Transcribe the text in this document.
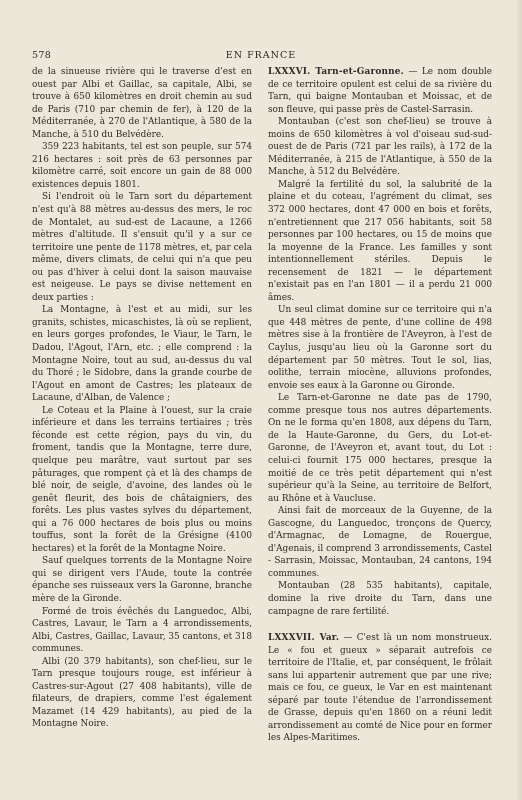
578	EN FRANCE

de la sinueuse rivière qui le traverse d'est en ouest par Albi et Gaillac, sa capitale, Albi, se trouve à 650 kilomètres en droit chemin au sud de Paris (710 par chemin de fer), à 120 de la Méditerranée, à 270 de l'Atlantique, à 580 de la Manche, à 510 du Belvédère.

359 223 habitants, tel est son peuple, sur 574 216 hectares : soit près de 63 personnes par kilomètre carré, soit encore un gain de 88 000 existences depuis 1801.

Si l'endroit où le Tarn sort du département n'est qu'à 88 mètres au-dessus des mers, le roc de Montalet, au sud-est de Lacaune, a 1266 mètres d'altitude. Il s'ensuit qu'il y a sur ce territoire une pente de 1178 mètres, et, par cela même, divers climats, de celui qui n'a que peu ou pas d'hiver à celui dont la saison mauvaise est neigeuse. Le pays se divise nettement en deux parties :

La Montagne, à l'est et au midi, sur les granits, schistes, micaschistes, là où se replient, en leurs gorges profondes, le Viaur, le Tarn, le Dadou, l'Agout, l'Arn, etc. ; elle comprend : la Montagne Noire, tout au sud, au-dessus du val du Thoré ; le Sidobre, dans la grande courbe de l'Agout en amont de Castres; les plateaux de Lacaune, d'Alban, de Valence ;

Le Coteau et la Plaine à l'ouest, sur la craie inférieure et dans les terrains tertiaires ; très féconde est cette région, pays du vin, du froment, tandis que la Montagne, terre dure, quelque peu marâtre, vaut surtout par ses pâturages, que rompent çà et là des champs de blé noir, de seigle, d'avoine, des landes où le genêt fleurit, des bois de châtaigniers, des forêts. Les plus vastes sylves du département, qui a 76 000 hectares de bois plus ou moins touffus, sont la forêt de la Grésigne (4100 hectares) et la forêt de la Montagne Noire.

Sauf quelques torrents de la Montagne Noire qui se dirigent vers l'Aude, toute la contrée épanche ses ruisseaux vers la Garonne, branche mère de la Gironde.

Formé de trois évêchés du Languedoc, Albi, Castres, Lavaur, le Tarn a 4 arrondissements, Albi, Castres, Gaillac, Lavaur, 35 cantons, et 318 communes.

Albi (20 379 habitants), son chef-lieu, sur le Tarn presque toujours rouge, est inférieur à Castres-sur-Agout (27 408 habitants), ville de filateurs, de drapiers, comme l'est également Mazamet (14 429 habitants), au pied de la Montagne Noire.

LXXXVI. Tarn-et-Garonne. — Le nom double de ce territoire opulent est celui de sa rivière du Tarn, qui baigne Montauban et Moissac, et de son fleuve, qui passe près de Castel-Sarrasin.

Montauban (c'est son chef-lieu) se trouve à moins de 650 kilomètres à vol d'oiseau sud-sud-ouest de de Paris (721 par les rails), à 172 de la Méditerranée, à 215 de l'Atlantique, à 550 de la Manche, à 512 du Belvédère.

Malgré la fertilité du sol, la salubrité de la plaine et du coteau, l'agrément du climat, ses 372 000 hectares, dont 47 000 en bois et forêts, n'entretiennent que 217 056 habitants, soit 58 personnes par 100 hectares, ou 15 de moins que la moyenne de la France. Les familles y sont intentionnellement stériles. Depuis le recensement de 1821 — le département n'existait pas en l'an 1801 — il a perdu 21 000 âmes.

Un seul climat domine sur ce territoire qui n'a que 448 mètres de pente, d'une colline de 498 mètres sise à la frontière de l'Aveyron, à l'est de Caylus, jusqu'au lieu où la Garonne sort du département par 50 mètres. Tout le sol, lias, oolithe, terrain miocène, alluvions profondes, envoie ses eaux à la Garonne ou Gironde.

Le Tarn-et-Garonne ne date pas de 1790, comme presque tous nos autres départements. On ne le forma qu'en 1808, aux dépens du Tarn, de la Haute-Garonne, du Gers, du Lot-et-Garonne, de l'Aveyron et, avant tout, du Lot : celui-ci fournit 175 000 hectares, presque la moitié de ce très petit département qui n'est supérieur qu'à la Seine, au territoire de Belfort, au Rhône et à Vaucluse.

Ainsi fait de morceaux de la Guyenne, de la Gascogne, du Languedoc, tronçons de Quercy, d'Armagnac, de Lomagne, de Rouergue, d'Agenais, il comprend 3 arrondissements, Castel - Sarrasin, Moissac, Montauban, 24 cantons, 194 communes.

Montauban (28 535 habitants), capitale, domine la rive droite du Tarn, dans une campagne de rare fertilité.

LXXXVII. Var. — C'est là un nom monstrueux. Le « fou et gueux » séparait autrefois ce territoire de l'Italie, et, par conséquent, le frôlait sans lui appartenir autrement que par une rive; mais ce fou, ce gueux, le Var en est maintenant séparé par toute l'étendue de l'arrondissement de Grasse, depuis qu'en 1860 on a réuni ledit arrondissement au comté de Nice pour en former les Alpes-Maritimes.
